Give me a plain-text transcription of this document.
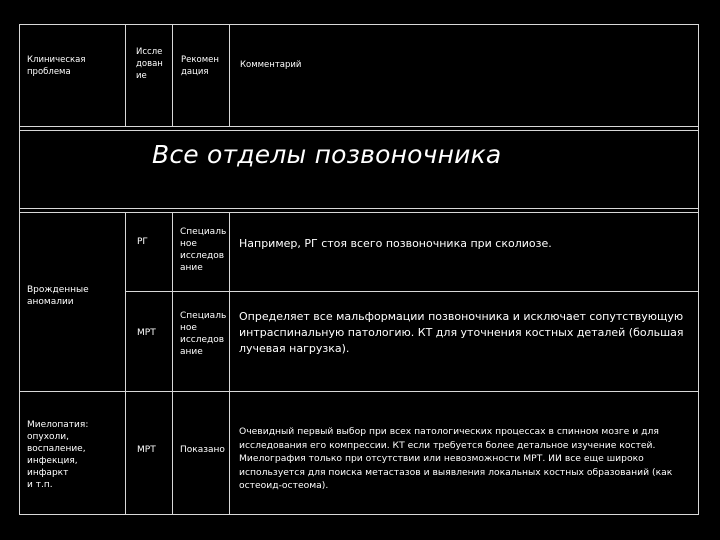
Клиническая проблема
Иссле
дован
ие
Рекомен
дация
Комментарий
Все отделы позвоночника
Врожденные аномалии
РГ
Специаль
ное
исследов
ание
Например, РГ стоя всего позвоночника при сколиозе.
МРТ
Специаль
ное
исследов
ание
Определяет все мальформации позвоночника и исключает сопутствующую интраспинальную патологию. КТ для уточнения костных деталей (большая лучевая нагрузка).
Миелопатия:
опухоли,
воспаление,
инфекция,
инфаркт
и т.п.
МРТ	Показано
Очевидный первый выбор при всех патологических процессах в спинном мозге и для исследования его компрессии. КТ если требуется более детальное изучение костей. Миелография только при отсутствии или невозможности МРТ. ИИ все еще широко используется для поиска метастазов и выявления локальных костных образований (как остеоид-остеома).
